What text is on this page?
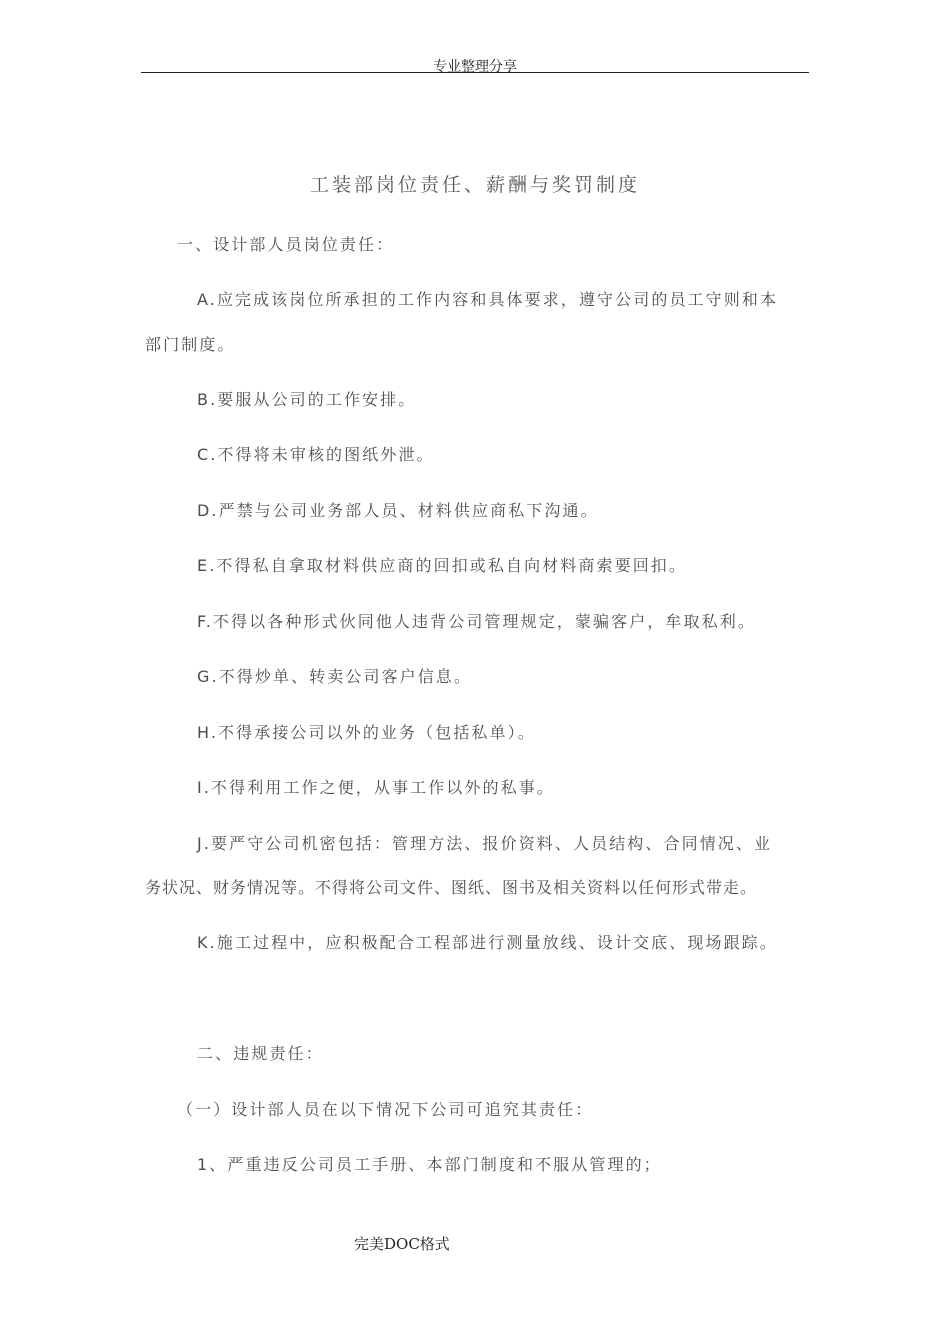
专业整理分享
工装部岗位责任、薪酬与奖罚制度
一、设计部人员岗位责任：
A.应完成该岗位所承担的工作内容和具体要求，遵守公司的员工守则和本
部门制度。
B.要服从公司的工作安排。
C.不得将未审核的图纸外泄。
D.严禁与公司业务部人员、材料供应商私下沟通。
E.不得私自拿取材料供应商的回扣或私自向材料商索要回扣。
F.不得以各种形式伙同他人违背公司管理规定，蒙骗客户，牟取私利。
G.不得炒单、转卖公司客户信息。
H.不得承接公司以外的业务（包括私单）。
I.不得利用工作之便，从事工作以外的私事。
J.要严守公司机密包括：管理方法、报价资料、人员结构、合同情况、业
务状况、财务情况等。不得将公司文件、图纸、图书及相关资料以任何形式带走。
K.施工过程中，应积极配合工程部进行测量放线、设计交底、现场跟踪。
二、违规责任：
（一）设计部人员在以下情况下公司可追究其责任：
1、严重违反公司员工手册、本部门制度和不服从管理的；
完美DOC格式
